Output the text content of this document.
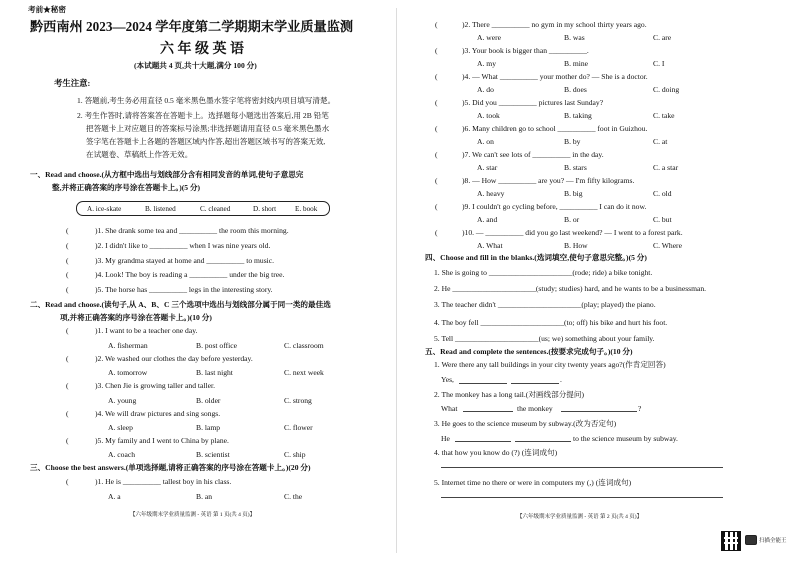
考前★秘密
黔西南州 2023—2024 学年度第二学期期末学业质量监测
六 年 级 英 语
(本试题共 4 页,共十大题,满分 100 分)
考生注意:
1. 答题前,考生务必用直径 0.5 毫米黑色墨水签字笔将密封线内项目填写清楚。
2. 考生作答时,请将答案答在答题卡上。选择题每小题选出答案后,用 2B 铅笔
把答题卡上对应题目的答案标号涂黑;非选择题请用直径 0.5 毫米黑色墨水
签字笔在答题卡上各题的答题区域内作答,超出答题区域书写的答案无效,
在试题卷、草稿纸上作答无效。
一、Read and choose.(从方框中选出与划线部分含有相同发音的单词,使句子意思完
整,并将正确答案的序号涂在答题卡上。)(5 分)
A. ice-skate	B. listened	C. cleaned	D. short	E. book
(	)1. She drank some tea and __________ the room this morning.
(	)2. I didn't like to __________ when I was nine years old.
(	)3. My grandma stayed at home and __________ to music.
(	)4. Look! The boy is reading a __________ under the big tree.
(	)5. The horse has __________ legs in the interesting story.
二、Read and choose.(读句子,从 A、B、C 三个选项中选出与划线部分属于同一类的最佳选
项,并将正确答案的序号涂在答题卡上。)(10 分)
(	)1. I want to be a teacher one day.
A. fisherman	B. post office	C. classroom
(	)2. We washed our clothes the day before yesterday.
A. tomorrow	B. last night	C. next week
(	)3. Chen Jie is growing taller and taller.
A. young	B. older	C. strong
(	)4. We will draw pictures and sing songs.
A. sleep	B. lamp	C. flower
(	)5. My family and I went to China by plane.
A. coach	B. scientist	C. ship
三、Choose the best answers.(单项选择题,请将正确答案的序号涂在答题卡上。)(20 分)
(	)1. He is __________ tallest boy in his class.
A. a	B. an	C. the
【六年级期末学业质量监测 - 英语 第 1 页(共 4 页)】
(	)2. There __________ no gym in my school thirty years ago.
A. were	B. was	C. are
(	)3. Your book is bigger than __________.
A. my	B. mine	C. I
(	)4. — What __________ your mother do? — She is a doctor.
A. do	B. does	C. doing
(	)5. Did you __________ pictures last Sunday?
A. took	B. taking	C. take
(	)6. Many children go to school __________ foot in Guizhou.
A. on	B. by	C. at
(	)7. We can't see lots of __________ in the day.
A. star	B. stars	C. a star
(	)8. — How __________ are you? — I'm fifty kilograms.
A. heavy	B. big	C. old
(	)9. I couldn't go cycling before, __________ I can do it now.
A. and	B. or	C. but
(	)10. — __________ did you go last weekend? — I went to a forest park.
A. What	B. How	C. Where
四、Choose and fill in the blanks.(选词填空,使句子意思完整。)(5 分)
1. She is going to ______________________(rode; ride) a bike tonight.
2. He ______________________(study; studies) hard, and he wants to be a businessman.
3. The teacher didn't ______________________(play; played) the piano.
4. The boy fell ______________________(to; off) his bike and hurt his foot.
5. Tell ______________________(us; we) something about your family.
五、Read and complete the sentences.(按要求完成句子。)(10 分)
1. Were there any tall buildings in your city twenty years ago?(作肯定回答)
Yes,	.
2. The monkey has a long tail.(对画线部分提问)
What	the monkey	?
3. He goes to the science museum by subway.(改为否定句)
He	to the science museum by subway.
4. that how you know do (?) (连词成句)
5. Internet time no there or were in computers my (,) (连词成句)
【六年级期末学业质量监测 - 英语 第 2 页(共 4 页)】
扫描全能王
